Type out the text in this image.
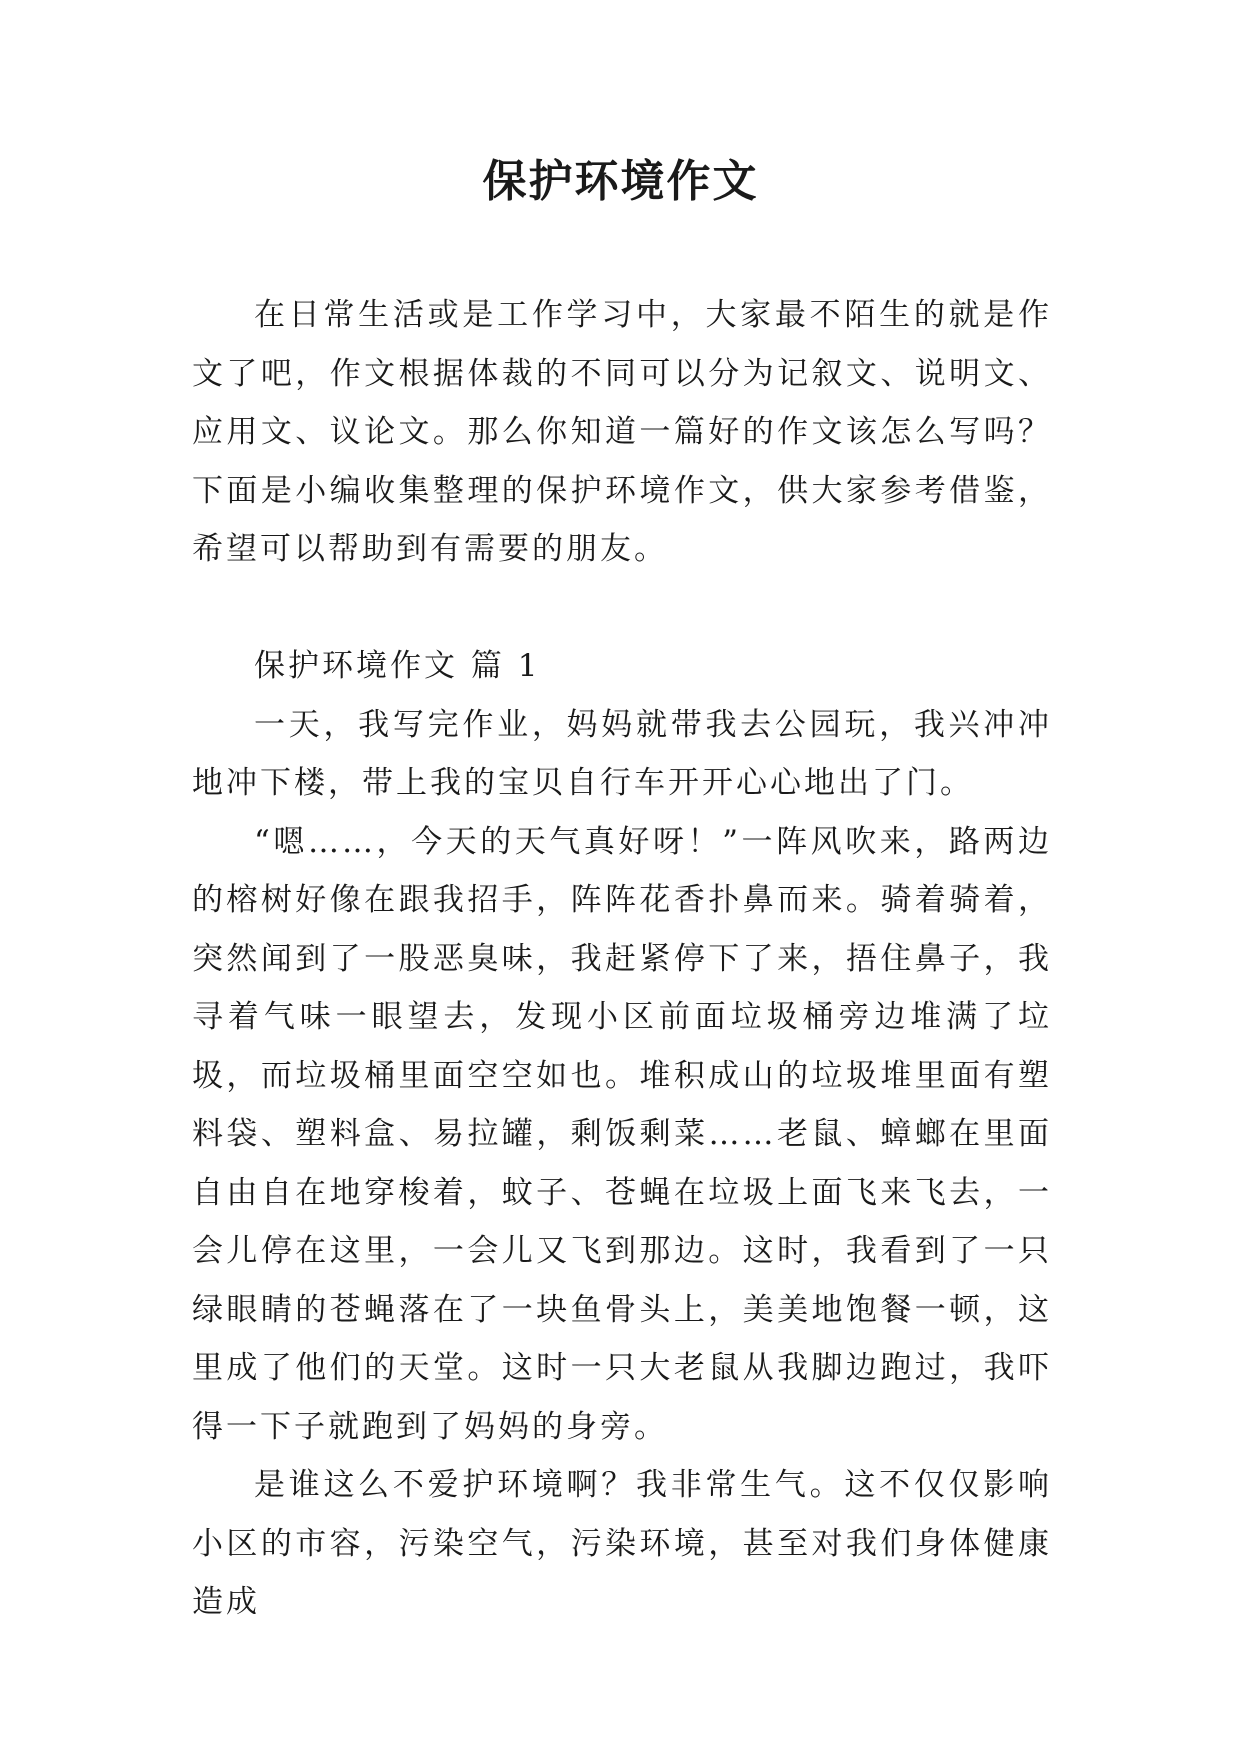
保护环境作文

在日常生活或是工作学习中，大家最不陌生的就是作文了吧，作文根据体裁的不同可以分为记叙文、说明文、应用文、议论文。那么你知道一篇好的作文该怎么写吗？下面是小编收集整理的保护环境作文，供大家参考借鉴，希望可以帮助到有需要的朋友。

保护环境作文 篇 1

一天，我写完作业，妈妈就带我去公园玩，我兴冲冲地冲下楼，带上我的宝贝自行车开开心心地出了门。

“嗯……，今天的天气真好呀！”一阵风吹来，路两边的榕树好像在跟我招手，阵阵花香扑鼻而来。骑着骑着，突然闻到了一股恶臭味，我赶紧停下了来，捂住鼻子，我寻着气味一眼望去，发现小区前面垃圾桶旁边堆满了垃圾，而垃圾桶里面空空如也。堆积成山的垃圾堆里面有塑料袋、塑料盒、易拉罐，剩饭剩菜……老鼠、蟑螂在里面自由自在地穿梭着，蚊子、苍蝇在垃圾上面飞来飞去，一会儿停在这里，一会儿又飞到那边。这时，我看到了一只绿眼睛的苍蝇落在了一块鱼骨头上，美美地饱餐一顿，这里成了他们的天堂。这时一只大老鼠从我脚边跑过，我吓得一下子就跑到了妈妈的身旁。

是谁这么不爱护环境啊？我非常生气。这不仅仅影响小区的市容，污染空气，污染环境，甚至对我们身体健康造成
